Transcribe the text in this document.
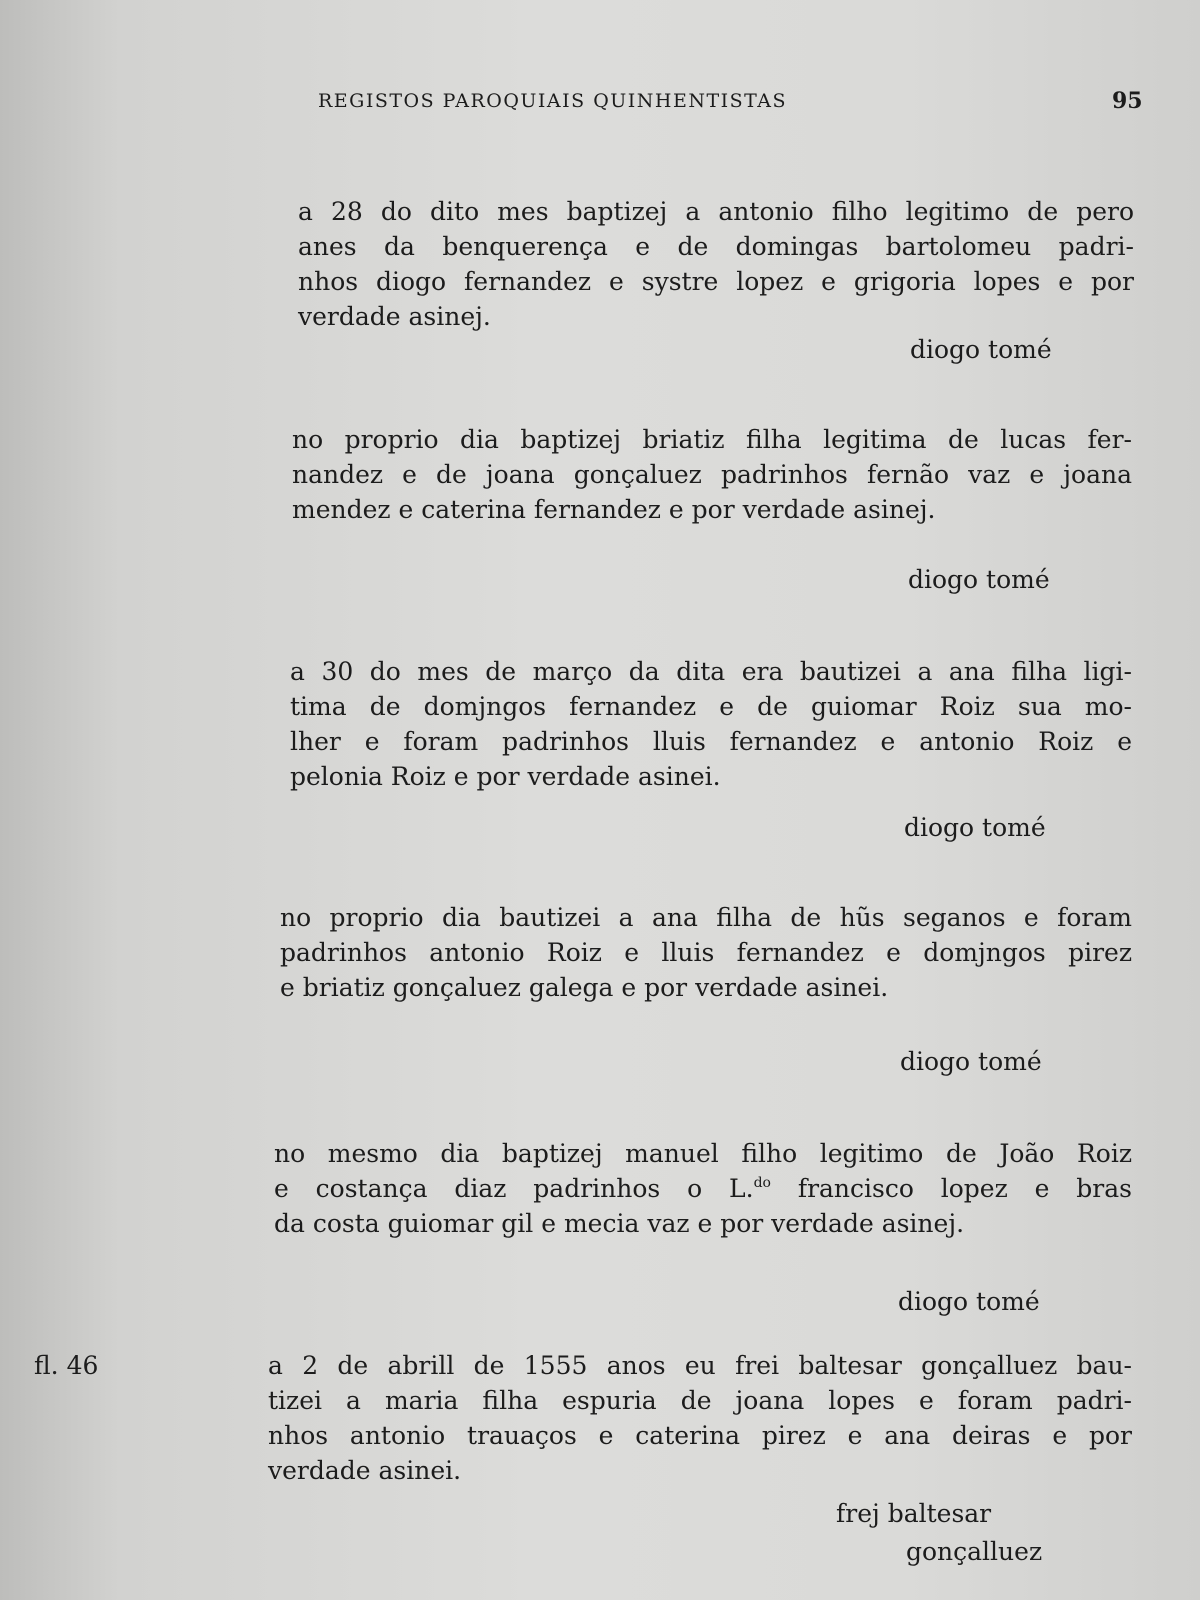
REGISTOS PAROQUIAIS QUINHENTISTAS	95
a 28 do dito mes baptizej a antonio filho legitimo de pero
anes da benquerença e de domingas bartolomeu padri-
nhos diogo fernandez e systre lopez e grigoria lopes e por
verdade asinej.
diogo tomé
no proprio dia baptizej briatiz filha legitima de lucas fer-
nandez e de joana gonçaluez padrinhos fernão vaz e joana
mendez e caterina fernandez e por verdade asinej.
diogo tomé
a 30 do mes de março da dita era bautizei a ana filha ligi-
tima de domjngos fernandez e de guiomar Roiz sua mo-
lher e foram padrinhos lluis fernandez e antonio Roiz e
pelonia Roiz e por verdade asinei.
diogo tomé
no proprio dia bautizei a ana filha de hũs seganos e foram
padrinhos antonio Roiz e lluis fernandez e domjngos pirez
e briatiz gonçaluez galega e por verdade asinei.
diogo tomé
no mesmo dia baptizej manuel filho legitimo de João Roiz
e costança diaz padrinhos o L.$^{do}$ francisco lopez e bras
da costa guiomar gil e mecia vaz e por verdade asinej.
diogo tomé
fl. 46	a 2 de abrill de 1555 anos eu frei baltesar gonçalluez bau-
tizei a maria filha espuria de joana lopes e foram padri-
nhos antonio trauaços e caterina pirez e ana deiras e por
verdade asinei.
frej baltesar
gonçalluez
